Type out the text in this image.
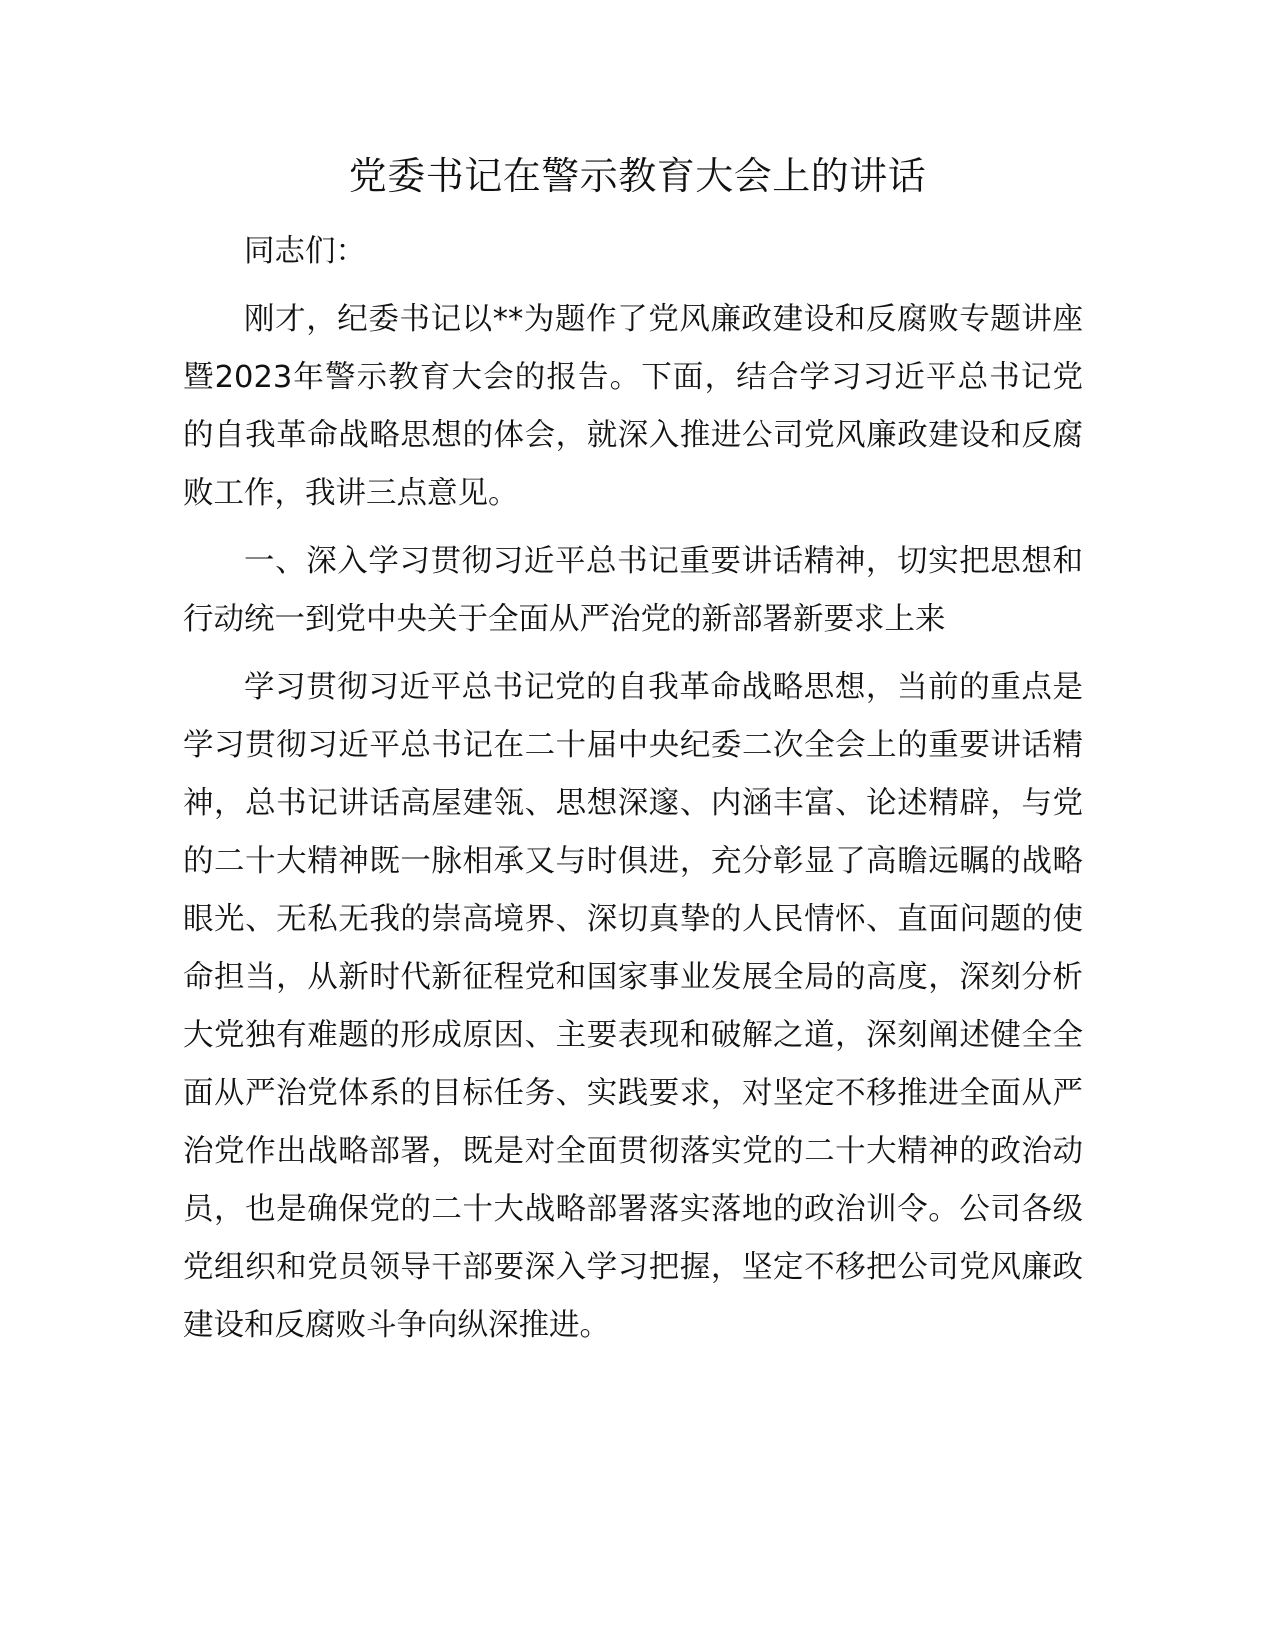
党委书记在警示教育大会上的讲话

同志们：

刚才，纪委书记以**为题作了党风廉政建设和反腐败专题讲座暨2023年警示教育大会的报告。下面，结合学习习近平总书记党的自我革命战略思想的体会，就深入推进公司党风廉政建设和反腐败工作，我讲三点意见。

一、深入学习贯彻习近平总书记重要讲话精神，切实把思想和行动统一到党中央关于全面从严治党的新部署新要求上来

学习贯彻习近平总书记党的自我革命战略思想，当前的重点是学习贯彻习近平总书记在二十届中央纪委二次全会上的重要讲话精神，总书记讲话高屋建瓴、思想深邃、内涵丰富、论述精辟，与党的二十大精神既一脉相承又与时俱进，充分彰显了高瞻远瞩的战略眼光、无私无我的崇高境界、深切真挚的人民情怀、直面问题的使命担当，从新时代新征程党和国家事业发展全局的高度，深刻分析大党独有难题的形成原因、主要表现和破解之道，深刻阐述健全全面从严治党体系的目标任务、实践要求，对坚定不移推进全面从严治党作出战略部署，既是对全面贯彻落实党的二十大精神的政治动员，也是确保党的二十大战略部署落实落地的政治训令。公司各级党组织和党员领导干部要深入学习把握，坚定不移把公司党风廉政建设和反腐败斗争向纵深推进。
